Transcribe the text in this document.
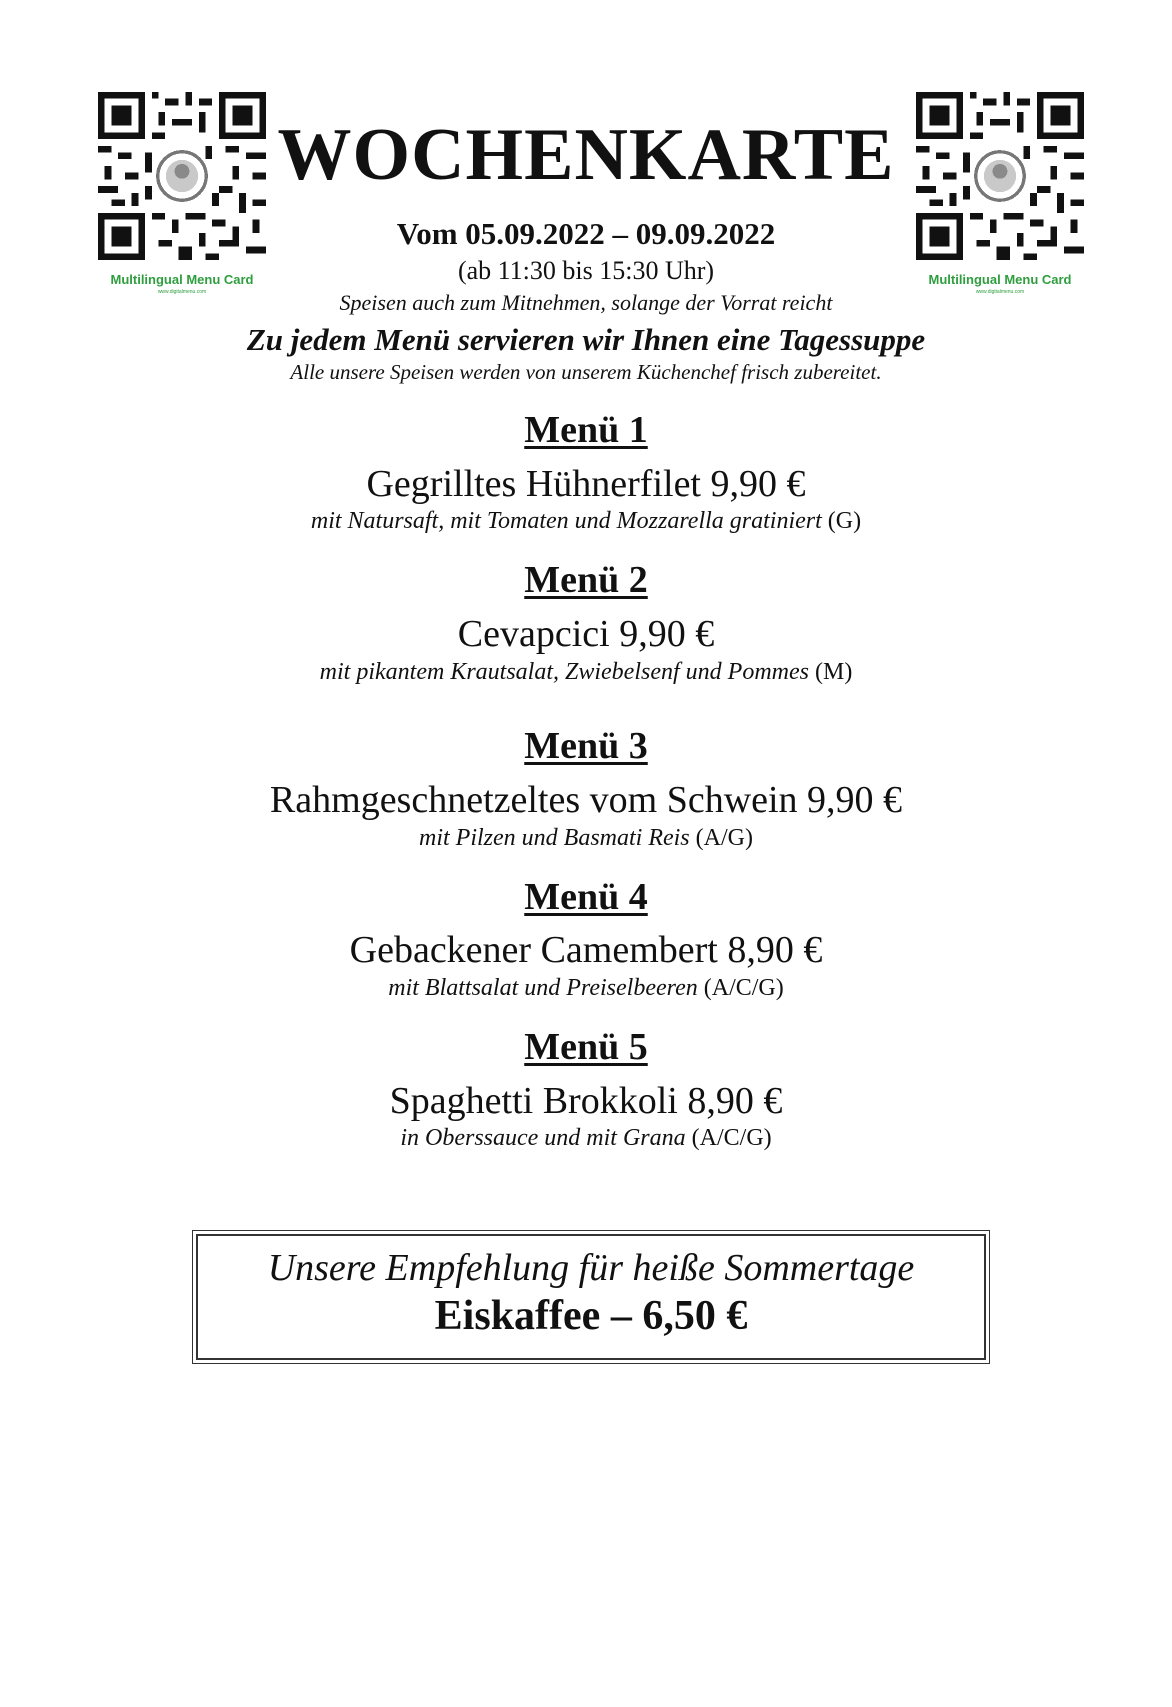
Multilingual Menu Card
www.digitalmenu.com
Multilingual Menu Card
www.digitalmenu.com
WOCHENKARTE
Vom 05.09.2022 – 09.09.2022
(ab 11:30 bis 15:30 Uhr)
Speisen auch zum Mitnehmen, solange der Vorrat reicht
Zu jedem Menü servieren wir Ihnen eine Tagessuppe
Alle unsere Speisen werden von unserem Küchenchef frisch zubereitet.
Menü 1
Gegrilltes Hühnerfilet 9,90 €
mit Natursaft, mit Tomaten und Mozzarella gratiniert (G)
Menü 2
Cevapcici 9,90 €
mit pikantem Krautsalat, Zwiebelsenf und Pommes (M)
Menü 3
Rahmgeschnetzeltes vom Schwein 9,90 €
mit Pilzen und Basmati Reis (A/G)
Menü 4
Gebackener Camembert 8,90 €
mit Blattsalat und Preiselbeeren (A/C/G)
Menü 5
Spaghetti Brokkoli 8,90 €
in Oberssauce und mit Grana (A/C/G)
Unsere Empfehlung für heiße Sommertage
Eiskaffee – 6,50 €
